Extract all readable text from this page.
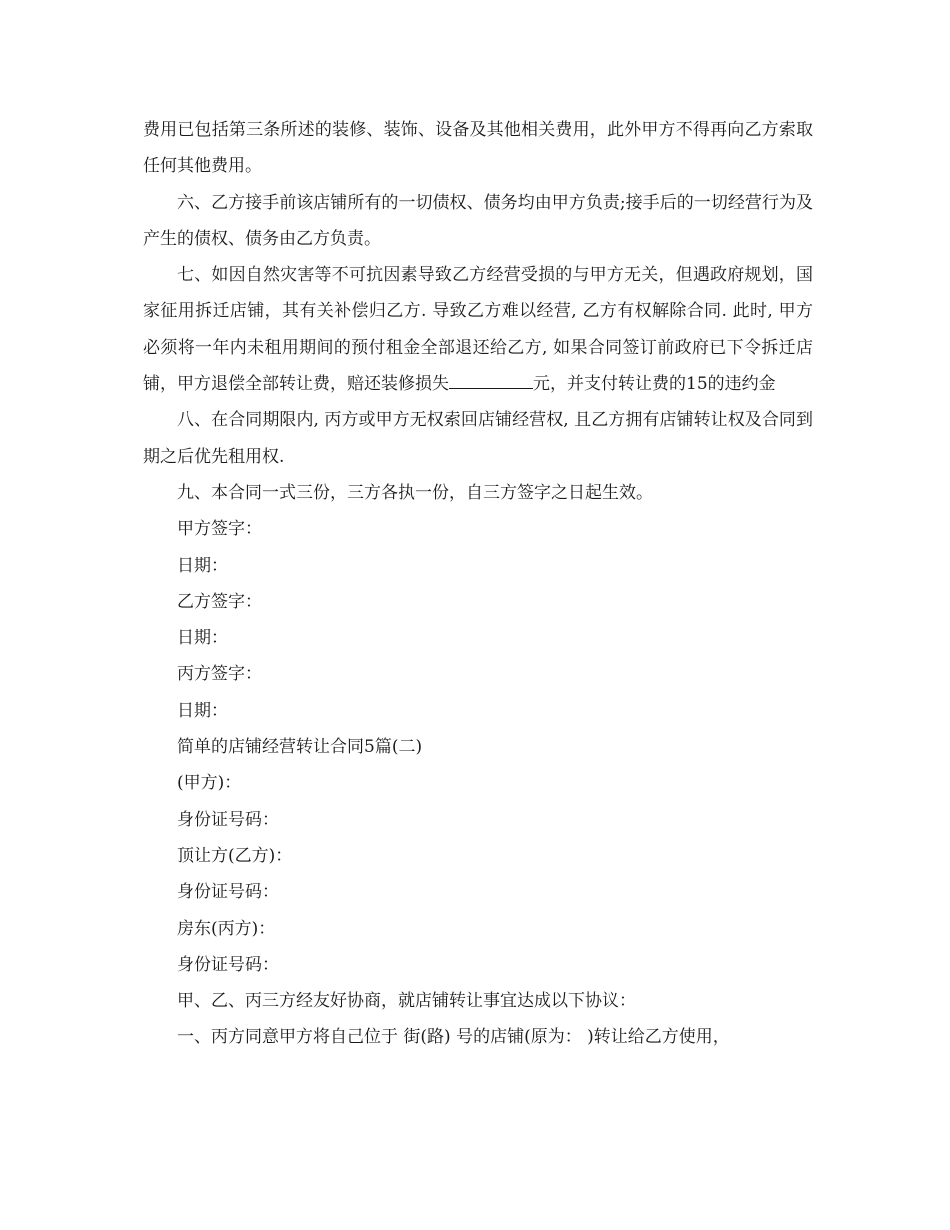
费用已包括第三条所述的装修、装饰、设备及其他相关费用，此外甲方不得再向乙方索取任何其他费用。

六、乙方接手前该店铺所有的一切债权、债务均由甲方负责;接手后的一切经营行为及产生的债权、债务由乙方负责。

七、如因自然灾害等不可抗因素导致乙方经营受损的与甲方无关，但遇政府规划，国家征用拆迁店铺，其有关补偿归乙方. 导致乙方难以经营, 乙方有权解除合同. 此时, 甲方必须将一年内未租用期间的预付租金全部退还给乙方, 如果合同签订前政府已下令拆迁店铺，甲方退偿全部转让费，赔还装修损失	元，并支付转让费的15的违约金

八、在合同期限内, 丙方或甲方无权索回店铺经营权, 且乙方拥有店铺转让权及合同到期之后优先租用权.

九、本合同一式三份，三方各执一份，自三方签字之日起生效。

甲方签字：

日期：

乙方签字：

日期：

丙方签字：

日期：

简单的店铺经营转让合同5篇(二)

(甲方)：

身份证号码：

顶让方(乙方)：

身份证号码：

房东(丙方)：

身份证号码：

甲、乙、丙三方经友好协商，就店铺转让事宜达成以下协议：

一、丙方同意甲方将自己位于 街(路) 号的店铺(原为： )转让给乙方使用，
